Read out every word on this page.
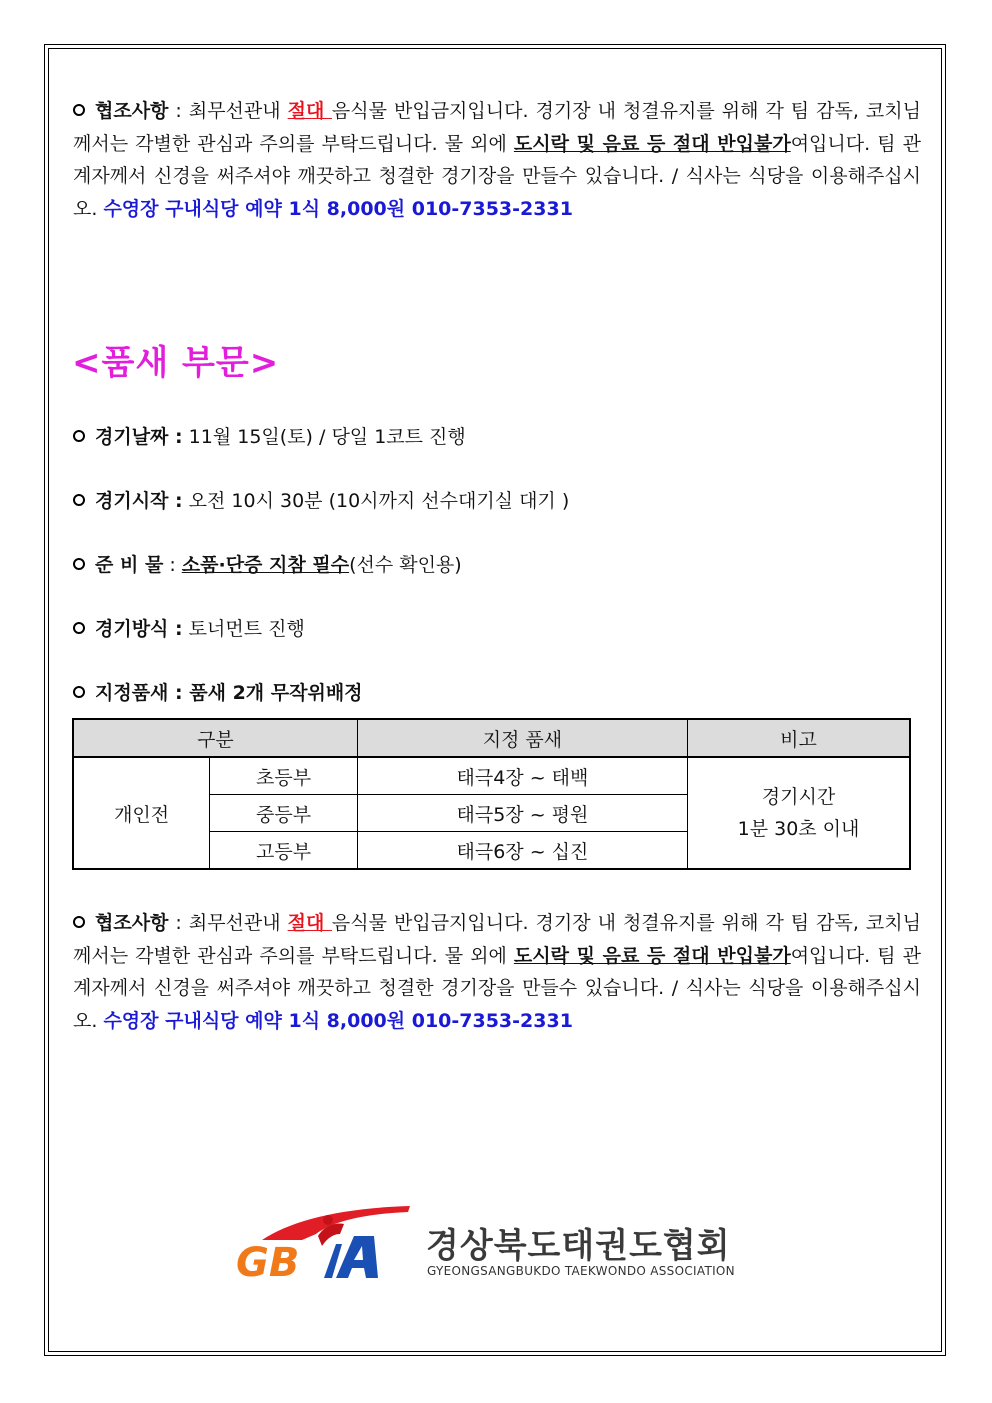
협조사항 : 최무선관내 절대 음식물 반입금지입니다. 경기장 내 청결유지를 위해 각 팀 감독, 코치님께서는 각별한 관심과 주의를 부탁드립니다. 물 외에 도시락 및 음료 등 절대 반입불가여입니다. 팀 관계자께서 신경을 써주셔야 깨끗하고 청결한 경기장을 만들수 있습니다. / 식사는 식당을 이용해주십시오. 수영장 구내식당 예약 1식 8,000원 010-7353-2331
<품새 부문>
경기날짜 : 11월 15일(토) / 당일 1코트 진행
경기시작 : 오전 10시 30분 (10시까지 선수대기실 대기 )
준 비 물 : 소품·단증 지참 필수(선수 확인용)
경기방식 : 토너먼트 진행
지정품새 : 품새 2개 무작위배정
구분		지정 품새	비고
개인전	초등부	태극4장 ~ 태백	경기시간
1분 30초 이내

	중등부	태극5장 ~ 평원	
	고등부	태극6장 ~ 십진	
협조사항 : 최무선관내 절대 음식물 반입금지입니다. 경기장 내 청결유지를 위해 각 팀 감독, 코치님께서는 각별한 관심과 주의를 부탁드립니다. 물 외에 도시락 및 음료 등 절대 반입불가여입니다. 팀 관계자께서 신경을 써주셔야 깨끗하고 청결한 경기장을 만들수 있습니다. / 식사는 식당을 이용해주십시오. 수영장 구내식당 예약 1식 8,000원 010-7353-2331
GB	경상북도태권도협회
GYEONGSANGBUKDO TAEKWONDO ASSOCIATION
